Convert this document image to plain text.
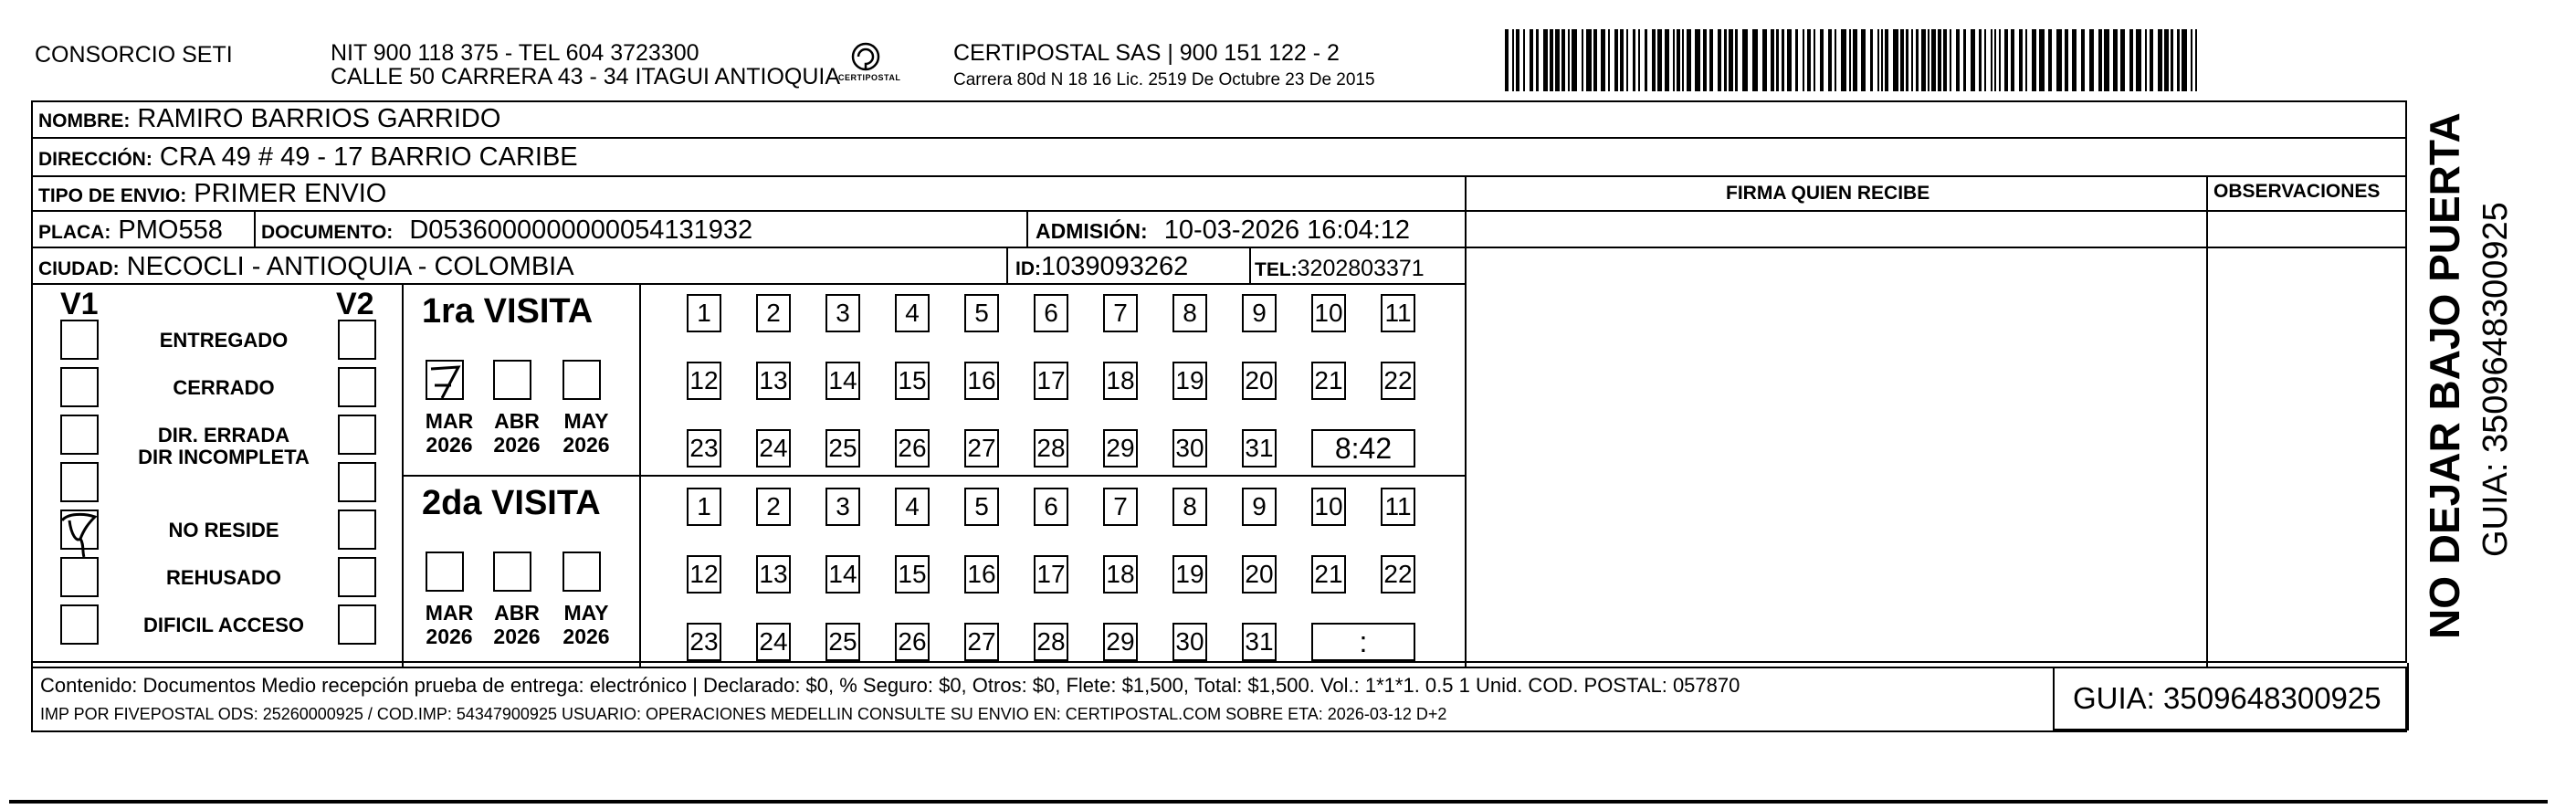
CONSORCIO SETI	NIT 900 118 375 - TEL 604 3723300
CALLE 50 CARRERA 43 - 34 ITAGUI ANTIOQUIA
CERTIPOSTAL
CERTIPOSTAL SAS | 900 151 122 - 2
Carrera 80d N 18 16 Lic. 2519 De Octubre 23 De 2015
NOMBRE: RAMIRO BARRIOS GARRIDO
DIRECCIÓN: CRA 49 # 49 - 17 BARRIO CARIBE
TIPO DE ENVIO: PRIMER ENVIO	FIRMA QUIEN RECIBE	OBSERVACIONES
PLACA: PMO558 DOCUMENTO: D0536000000000054131932	ADMISIÓN: 10-03-2026 16:04:12
CIUDAD: NECOCLI - ANTIOQUIA - COLOMBIA	ID:1039093262	TEL:3202803371
V1	V2
ENTREGADO
CERRADO
DIR. ERRADA
DIR INCOMPLETA
NO RESIDE
REHUSADO
DIFICIL ACCESO
1ra VISITA
MAR
2026
ABR
2026
MAY
2026
1	2	3	4	5	6	7	8	9	10 11
12 13 14 15 16 17 18 19 20 21 22
23 24 25 26 27 28 29 30 31	8:42
2da VISITA
MAR
2026
ABR
2026
MAY
2026
1	2	3	4	5	6	7	8	9	10 11
12 13 14 15 16 17 18 19 20 21 22
23 24 25 26 27 28 29 30 31	:
Contenido: Documentos Medio recepción prueba de entrega: electrónico | Declarado: $0, % Seguro: $0, Otros: $0, Flete: $1,500, Total: $1,500. Vol.: 1*1*1. 0.5 1 Unid. COD. POSTAL: 057870
IMP POR FIVEPOSTAL ODS: 25260000925 / COD.IMP: 54347900925 USUARIO: OPERACIONES MEDELLIN CONSULTE SU ENVIO EN: CERTIPOSTAL.COM SOBRE ETA: 2026-03-12 D+2	GUIA: 3509648300925
NO DEJAR BAJO PUERTA GUIA: 3509648300925
